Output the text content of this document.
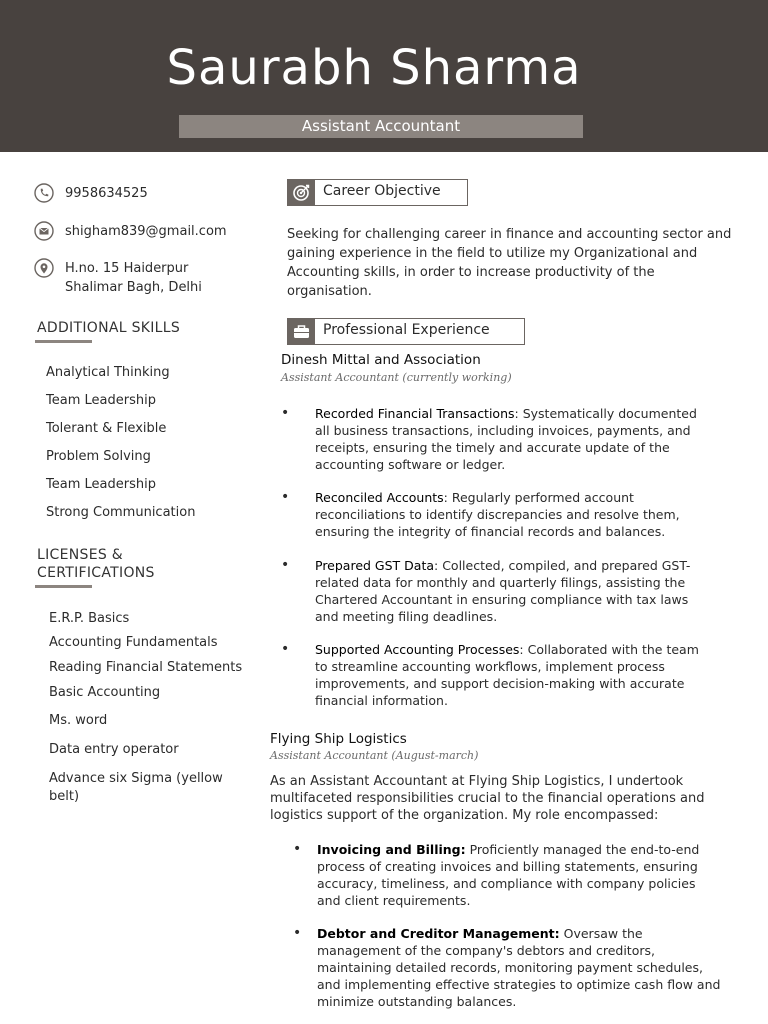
Saurabh Sharma
Assistant Accountant
9958634525
shigham839@gmail.com
H.no. 15 Haiderpur
Shalimar Bagh, Delhi
ADDITIONAL SKILLS
Analytical Thinking
Team Leadership
Tolerant & Flexible
Problem Solving
Team Leadership
Strong Communication
LICENSES &
CERTIFICATIONS
E.R.P. Basics
Accounting Fundamentals
Reading Financial Statements
Basic Accounting
Ms. word
Data entry operator
Advance six Sigma (yellow
belt)
Career Objective

Seeking for challenging career in finance and accounting sector and gaining experience in the field to utilize my Organizational and Accounting skills, in order to increase productivity of the organisation.

Professional Experience
Dinesh Mittal and Association
Assistant Accountant (currently working)
• Recorded Financial Transactions: Systematically documented all business transactions, including invoices, payments, and receipts, ensuring the timely and accurate update of the accounting software or ledger.
• Reconciled Accounts: Regularly performed account reconciliations to identify discrepancies and resolve them, ensuring the integrity of financial records and balances.
• Prepared GST Data: Collected, compiled, and prepared GST-related data for monthly and quarterly filings, assisting the Chartered Accountant in ensuring compliance with tax laws and meeting filing deadlines.
• Supported Accounting Processes: Collaborated with the team to streamline accounting workflows, implement process improvements, and support decision-making with accurate financial information.
Flying Ship Logistics
Assistant Accountant (August-march)

As an Assistant Accountant at Flying Ship Logistics, I undertook multifaceted responsibilities crucial to the financial operations and logistics support of the organization. My role encompassed:

• Invoicing and Billing: Proficiently managed the end-to-end process of creating invoices and billing statements, ensuring accuracy, timeliness, and compliance with company policies and client requirements.
• Debtor and Creditor Management: Oversaw the management of the company's debtors and creditors, maintaining detailed records, monitoring payment schedules, and implementing effective strategies to optimize cash flow and minimize outstanding balances.
